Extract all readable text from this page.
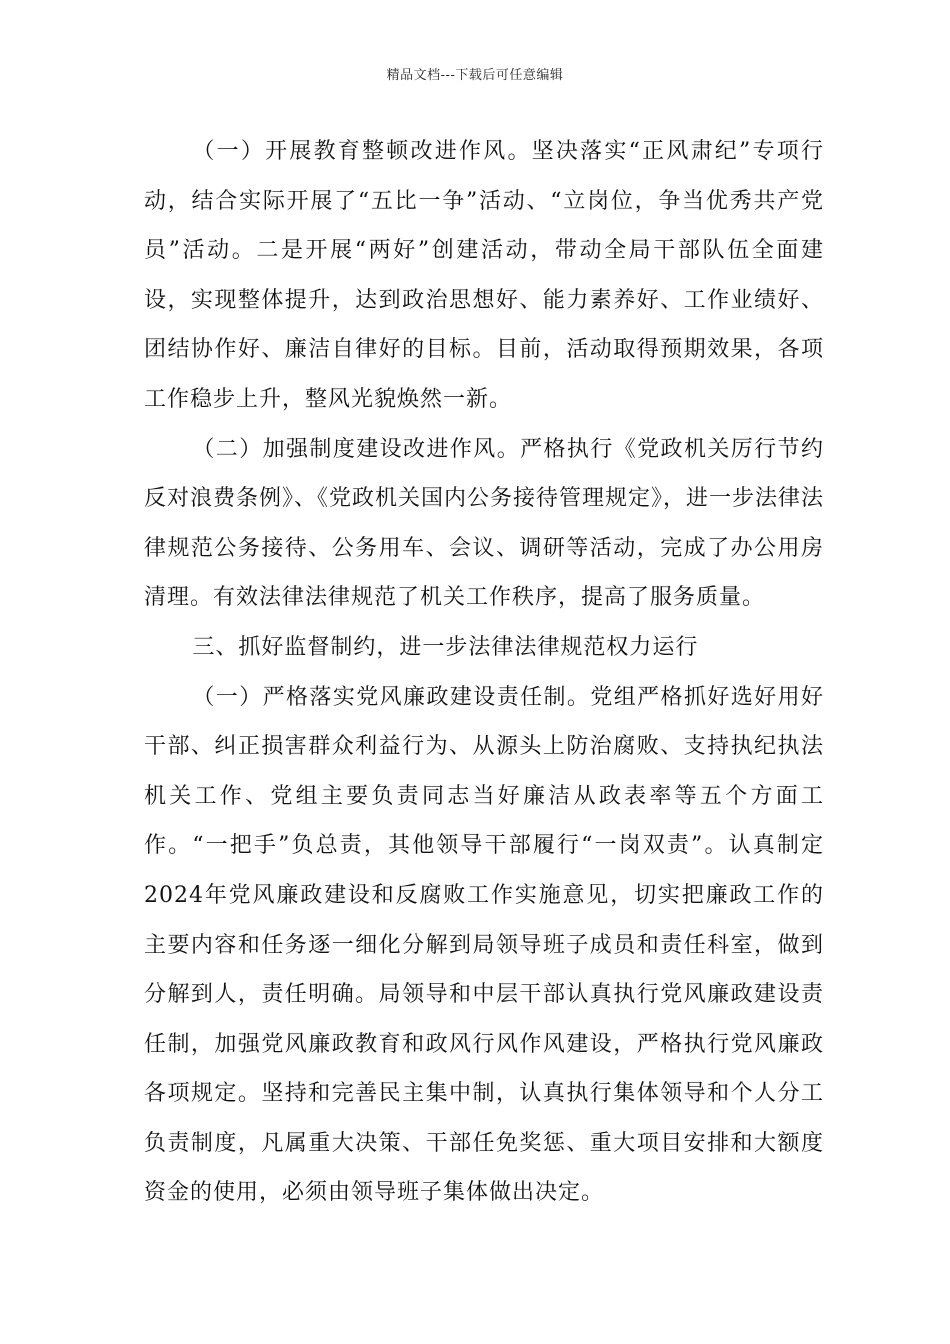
精品文档---下载后可任意编辑

（一）开展教育整顿改进作风。坚决落实“正风肃纪”专项行动，结合实际开展了“五比一争”活动、“立岗位，争当优秀共产党员”活动。二是开展“两好”创建活动，带动全局干部队伍全面建设，实现整体提升，达到政治思想好、能力素养好、工作业绩好、团结协作好、廉洁自律好的目标。目前，活动取得预期效果，各项工作稳步上升，整风光貌焕然一新。

（二）加强制度建设改进作风。严格执行《党政机关厉行节约反对浪费条例》、《党政机关国内公务接待管理规定》，进一步法律法律规范公务接待、公务用车、会议、调研等活动，完成了办公用房清理。有效法律法律规范了机关工作秩序，提高了服务质量。

三、抓好监督制约，进一步法律法律规范权力运行

（一）严格落实党风廉政建设责任制。党组严格抓好选好用好干部、纠正损害群众利益行为、从源头上防治腐败、支持执纪执法机关工作、党组主要负责同志当好廉洁从政表率等五个方面工作。“一把手”负总责，其他领导干部履行“一岗双责”。认真制定2024年党风廉政建设和反腐败工作实施意见，切实把廉政工作的主要内容和任务逐一细化分解到局领导班子成员和责任科室，做到分解到人，责任明确。局领导和中层干部认真执行党风廉政建设责任制，加强党风廉政教育和政风行风作风建设，严格执行党风廉政各项规定。坚持和完善民主集中制，认真执行集体领导和个人分工负责制度，凡属重大决策、干部任免奖惩、重大项目安排和大额度资金的使用，必须由领导班子集体做出决定。
